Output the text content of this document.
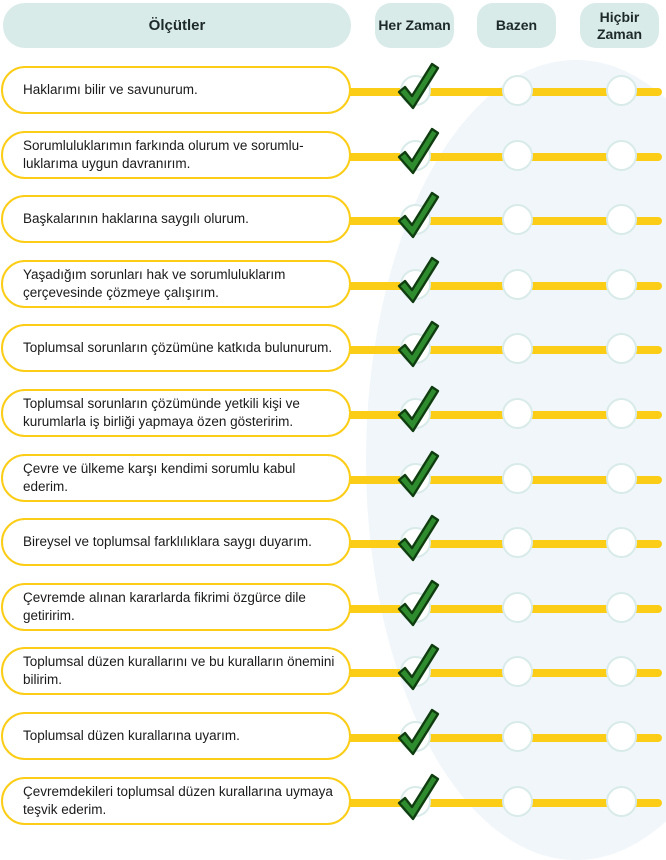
Ölçütler	Her Zaman	Bazen
Hiçbir Zaman
Haklarımı bilir ve savunurum.
Sorumluluklarımın farkında olurum ve sorumlu-luklarıma uygun davranırım.
Başkalarının haklarına saygılı olurum.
Yaşadığım sorunları hak ve sorumluluklarım çerçevesinde çözmeye çalışırım.
Toplumsal sorunların çözümüne katkıda bulunurum.
Toplumsal sorunların çözümünde yetkili kişi ve kurumlarla iş birliği yapmaya özen gösteririm.
Çevre ve ülkeme karşı kendimi sorumlu kabul ederim.
Bireysel ve toplumsal farklılıklara saygı duyarım.
Çevremde alınan kararlarda fikrimi özgürce dile getiririm.
Toplumsal düzen kurallarını ve bu kuralların önemini bilirim.
Toplumsal düzen kurallarına uyarım.
Çevremdekileri toplumsal düzen kurallarına uymaya teşvik ederim.
